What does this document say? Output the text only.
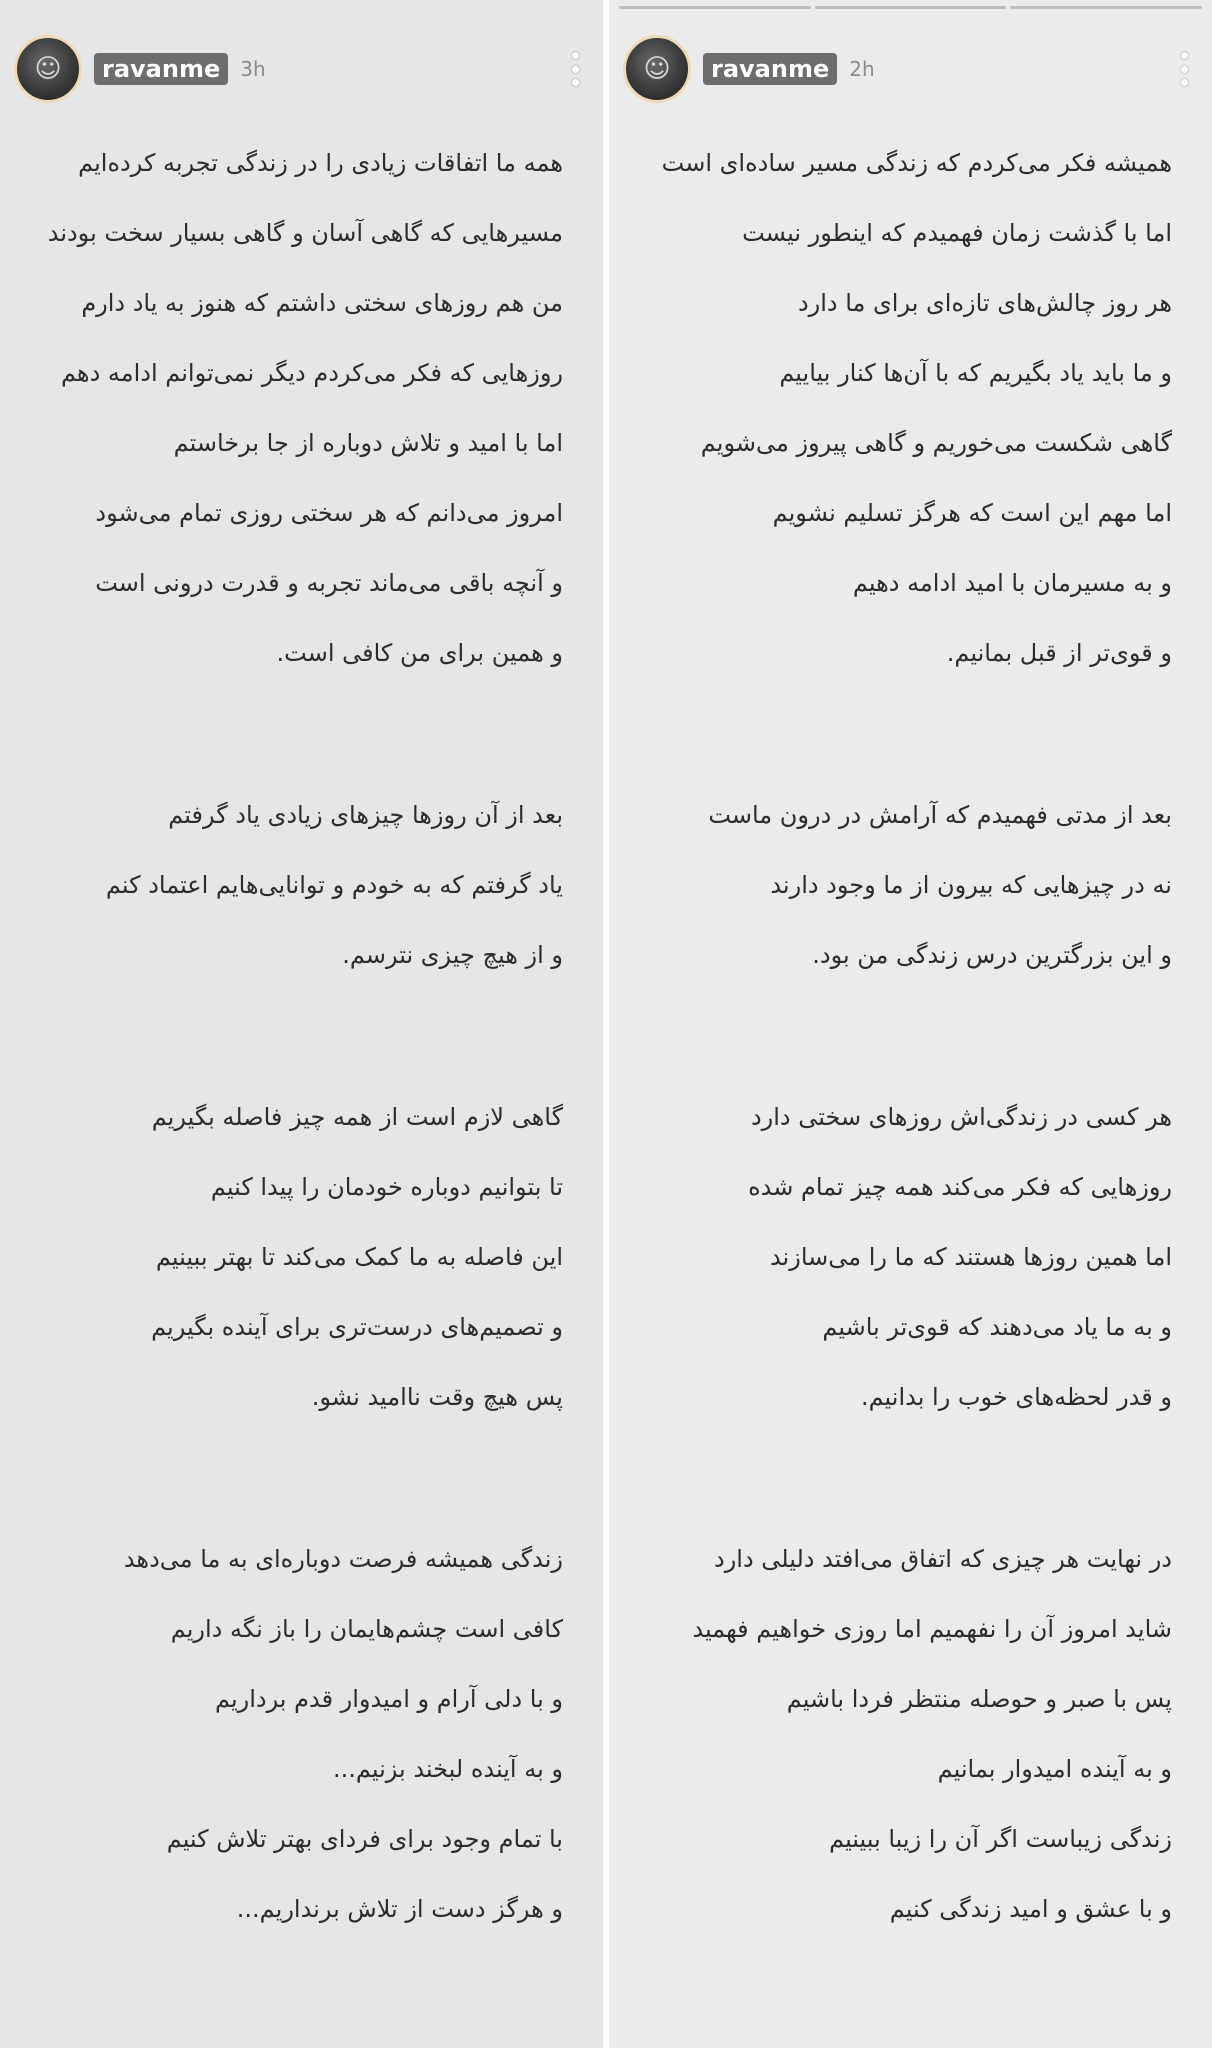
☺	ravanme	3h
همه ما اتفاقات زیادی را در زندگی تجربه کرده‌ایم
مسیرهایی که گاهی آسان و گاهی بسیار سخت بودند
من هم روزهای سختی داشتم که هنوز به یاد دارم
روزهایی که فکر می‌کردم دیگر نمی‌توانم ادامه دهم
اما با امید و تلاش دوباره از جا برخاستم
امروز می‌دانم که هر سختی روزی تمام می‌شود
و آنچه باقی می‌ماند تجربه و قدرت درونی است
و همین برای من کافی است.
بعد از آن روزها چیزهای زیادی یاد گرفتم
یاد گرفتم که به خودم و توانایی‌هایم اعتماد کنم
و از هیچ چیزی نترسم.
گاهی لازم است از همه چیز فاصله بگیریم
تا بتوانیم دوباره خودمان را پیدا کنیم
این فاصله به ما کمک می‌کند تا بهتر ببینیم
و تصمیم‌های درست‌تری برای آینده بگیریم
پس هیچ وقت ناامید نشو.
زندگی همیشه فرصت دوباره‌ای به ما می‌دهد
کافی است چشم‌هایمان را باز نگه داریم
و با دلی آرام و امیدوار قدم برداریم
و به آینده لبخند بزنیم...
با تمام وجود برای فردای بهتر تلاش کنیم
و هرگز دست از تلاش برنداریم...
☺	ravanme	2h
همیشه فکر می‌کردم که زندگی مسیر ساده‌ای است
اما با گذشت زمان فهمیدم که اینطور نیست
هر روز چالش‌های تازه‌ای برای ما دارد
و ما باید یاد بگیریم که با آن‌ها کنار بیاییم
گاهی شکست می‌خوریم و گاهی پیروز می‌شویم
اما مهم این است که هرگز تسلیم نشویم
و به مسیرمان با امید ادامه دهیم
و قوی‌تر از قبل بمانیم.
بعد از مدتی فهمیدم که آرامش در درون ماست
نه در چیزهایی که بیرون از ما وجود دارند
و این بزرگترین درس زندگی من بود.
هر کسی در زندگی‌اش روزهای سختی دارد
روزهایی که فکر می‌کند همه چیز تمام شده
اما همین روزها هستند که ما را می‌سازند
و به ما یاد می‌دهند که قوی‌تر باشیم
و قدر لحظه‌های خوب را بدانیم.
در نهایت هر چیزی که اتفاق می‌افتد دلیلی دارد
شاید امروز آن را نفهمیم اما روزی خواهیم فهمید
پس با صبر و حوصله منتظر فردا باشیم
و به آینده امیدوار بمانیم
زندگی زیباست اگر آن را زیبا ببینیم
و با عشق و امید زندگی کنیم
